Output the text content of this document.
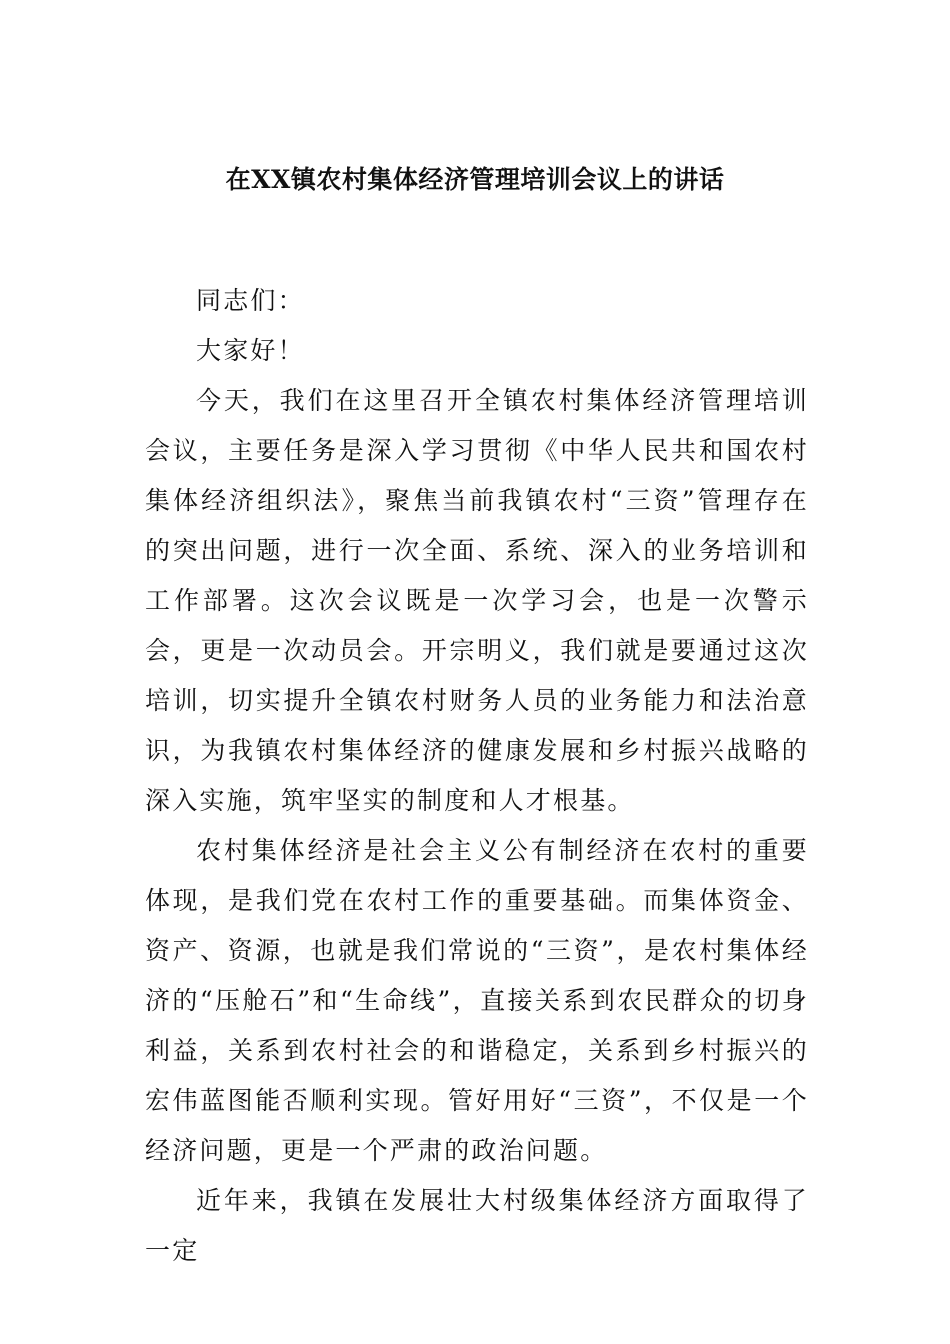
在XX镇农村集体经济管理培训会议上的讲话

同志们：

大家好！

今天，我们在这里召开全镇农村集体经济管理培训会议，主要任务是深入学习贯彻《中华人民共和国农村集体经济组织法》，聚焦当前我镇农村“三资”管理存在的突出问题，进行一次全面、系统、深入的业务培训和工作部署。这次会议既是一次学习会，也是一次警示会，更是一次动员会。开宗明义，我们就是要通过这次培训，切实提升全镇农村财务人员的业务能力和法治意识，为我镇农村集体经济的健康发展和乡村振兴战略的深入实施，筑牢坚实的制度和人才根基。

农村集体经济是社会主义公有制经济在农村的重要体现，是我们党在农村工作的重要基础。而集体资金、资产、资源，也就是我们常说的“三资”，是农村集体经济的“压舱石”和“生命线”，直接关系到农民群众的切身利益，关系到农村社会的和谐稳定，关系到乡村振兴的宏伟蓝图能否顺利实现。管好用好“三资”，不仅是一个经济问题，更是一个严肃的政治问题。

近年来，我镇在发展壮大村级集体经济方面取得了一定
